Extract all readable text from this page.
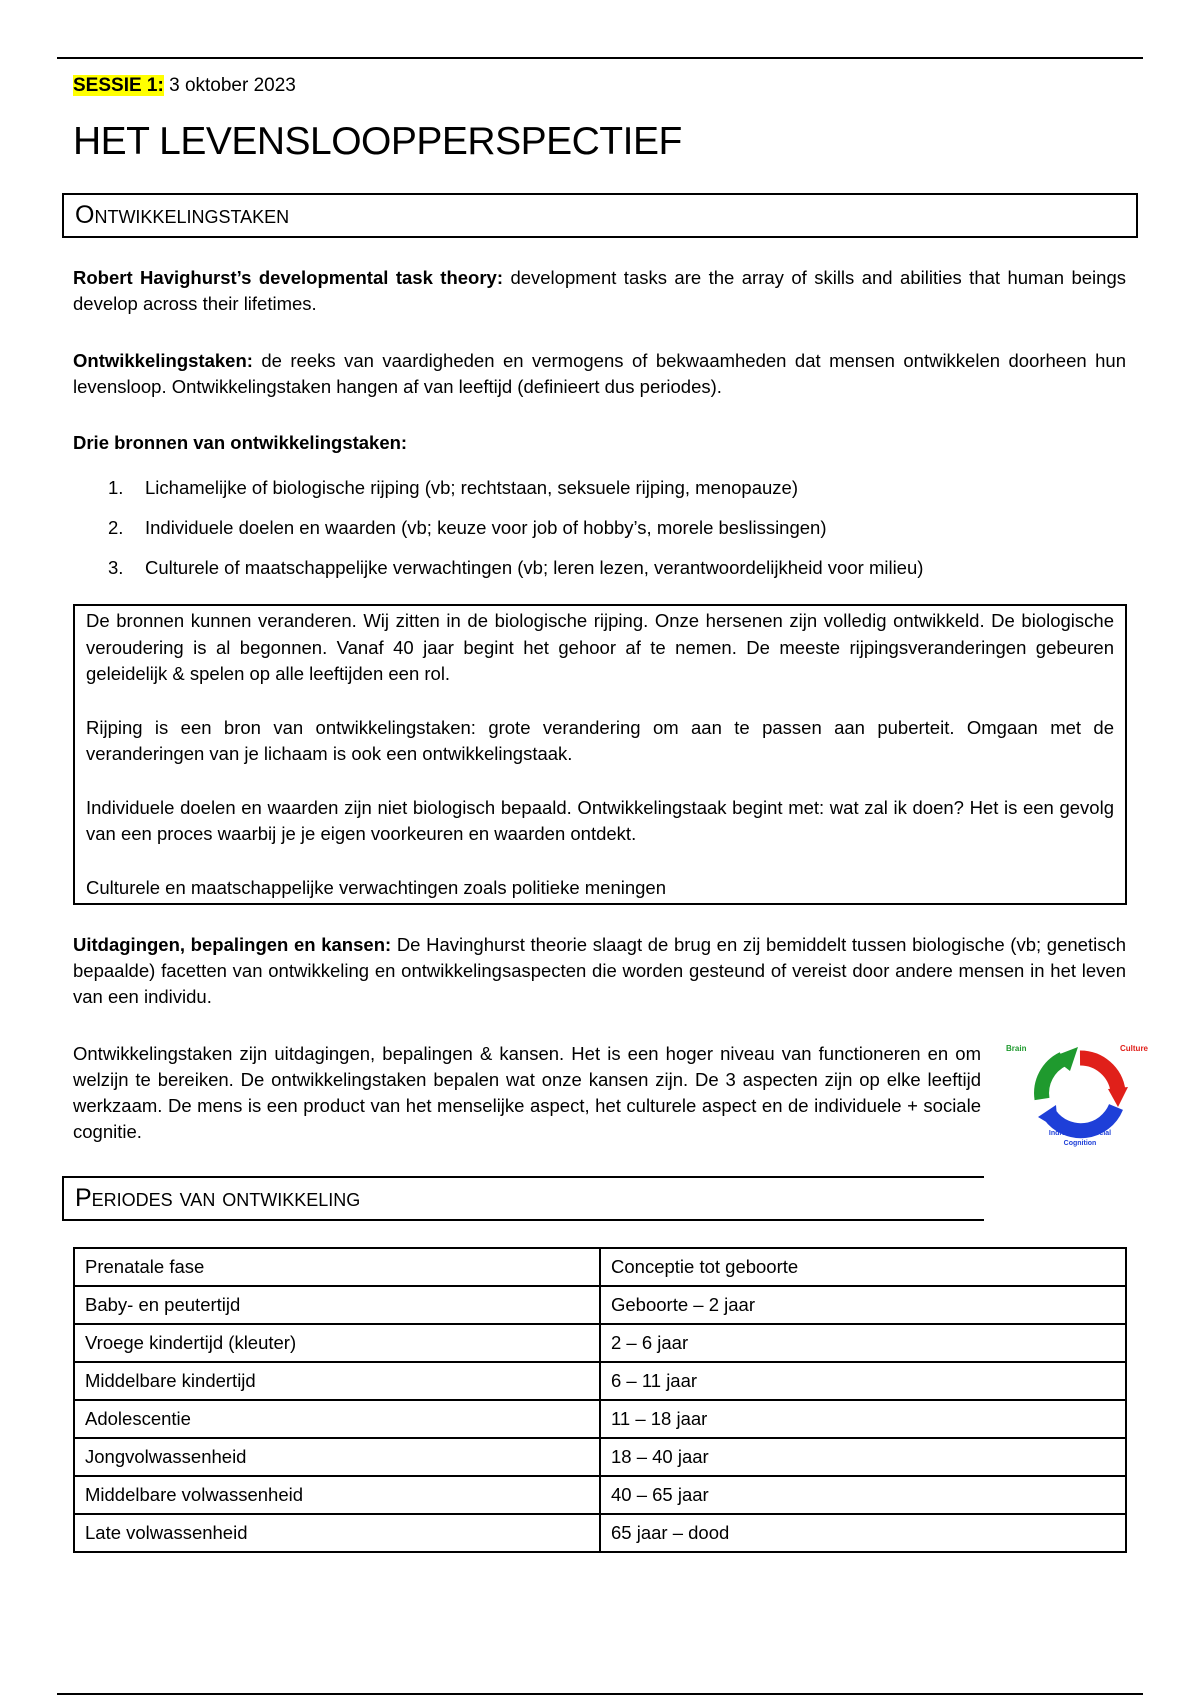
SESSIE 1: 3 oktober 2023
HET LEVENSLOOPPERSPECTIEF
Ontwikkelingstaken
Robert Havighurst’s developmental task theory: development tasks are the array of skills and abilities that human beings develop across their lifetimes.
Ontwikkelingstaken: de reeks van vaardigheden en vermogens of bekwaamheden dat mensen ontwikkelen doorheen hun levensloop. Ontwikkelingstaken hangen af van leeftijd (definieert dus periodes).
Drie bronnen van ontwikkelingstaken:
1.	Lichamelijke of biologische rijping (vb; rechtstaan, seksuele rijping, menopauze)
2.	Individuele doelen en waarden (vb; keuze voor job of hobby’s, morele beslissingen)
3.	Culturele of maatschappelijke verwachtingen (vb; leren lezen, verantwoordelijkheid voor milieu)

De bronnen kunnen veranderen. Wij zitten in de biologische rijping. Onze hersenen zijn volledig ontwikkeld. De biologische veroudering is al begonnen. Vanaf 40 jaar begint het gehoor af te nemen. De meeste rijpingsveranderingen gebeuren geleidelijk & spelen op alle leeftijden een rol.

Rijping is een bron van ontwikkelingstaken: grote verandering om aan te passen aan puberteit. Omgaan met de veranderingen van je lichaam is ook een ontwikkelingstaak.

Individuele doelen en waarden zijn niet biologisch bepaald. Ontwikkelingstaak begint met: wat zal ik doen? Het is een gevolg van een proces waarbij je je eigen voorkeuren en waarden ontdekt.

Culturele en maatschappelijke verwachtingen zoals politieke meningen

Uitdagingen, bepalingen en kansen: De Havinghurst theorie slaagt de brug en zij bemiddelt tussen biologische (vb; genetisch bepaalde) facetten van ontwikkeling en ontwikkelingsaspecten die worden gesteund of vereist door andere mensen in het leven van een individu.
Ontwikkelingstaken zijn uitdagingen, bepalingen & kansen. Het is een hoger niveau van functioneren en om welzijn te bereiken. De ontwikkelingstaken bepalen wat onze kansen zijn. De 3 aspecten zijn op elke leeftijd werkzaam. De mens is een product van het menselijke aspect, het culturele aspect en de individuele + sociale cognitie.
Brain	Culture
Individual & Social
Cognition
Periodes van ontwikkeling
Prenatale fase	Conceptie tot geboorte
Baby- en peutertijd	Geboorte – 2 jaar
Vroege kindertijd (kleuter)	2 – 6 jaar
Middelbare kindertijd	6 – 11 jaar
Adolescentie	11 – 18 jaar
Jongvolwassenheid	18 – 40 jaar
Middelbare volwassenheid	40 – 65 jaar
Late volwassenheid	65 jaar – dood
